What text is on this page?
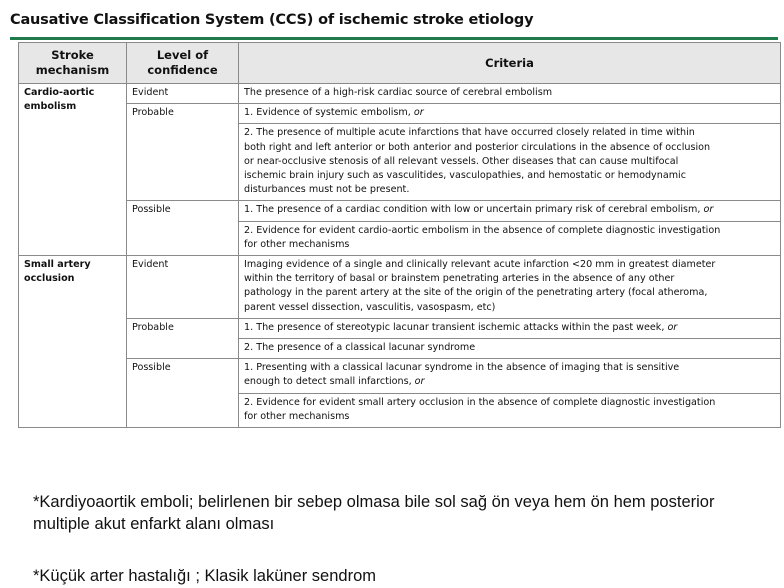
Causative Classification System (CCS) of ischemic stroke etiology
Stroke
mechanism	Level of
confidence	Criteria

Cardio-aortic
embolism	Evident	The presence of a high-risk cardiac source of cerebral embolism

	Probable	1. Evidence of systemic embolism, or

		2. The presence of multiple acute infarctions that have occurred closely related in time within
both right and left anterior or both anterior and posterior circulations in the absence of occlusion
or near-occlusive stenosis of all relevant vessels. Other diseases that can cause multifocal
ischemic brain injury such as vasculitides, vasculopathies, and hemostatic or hemodynamic
disturbances must not be present.

	Possible	1. The presence of a cardiac condition with low or uncertain primary risk of cerebral embolism, or

		2. Evidence for evident cardio-aortic embolism in the absence of complete diagnostic investigation
for other mechanisms

Small artery
occlusion	Evident	Imaging evidence of a single and clinically relevant acute infarction <20 mm in greatest diameter
within the territory of basal or brainstem penetrating arteries in the absence of any other
pathology in the parent artery at the site of the origin of the penetrating artery (focal atheroma,
parent vessel dissection, vasculitis, vasospasm, etc)

	Probable	1. The presence of stereotypic lacunar transient ischemic attacks within the past week, or

		2. The presence of a classical lacunar syndrome

	Possible	1. Presenting with a classical lacunar syndrome in the absence of imaging that is sensitive
enough to detect small infarctions, or

		2. Evidence for evident small artery occlusion in the absence of complete diagnostic investigation
for other mechanisms
*Kardiyoaortik emboli; belirlenen bir sebep olmasa bile sol sağ ön veya hem ön hem posterior multiple akut enfarkt alanı olması
*Küçük arter hastalığı ; Klasik laküner sendrom
